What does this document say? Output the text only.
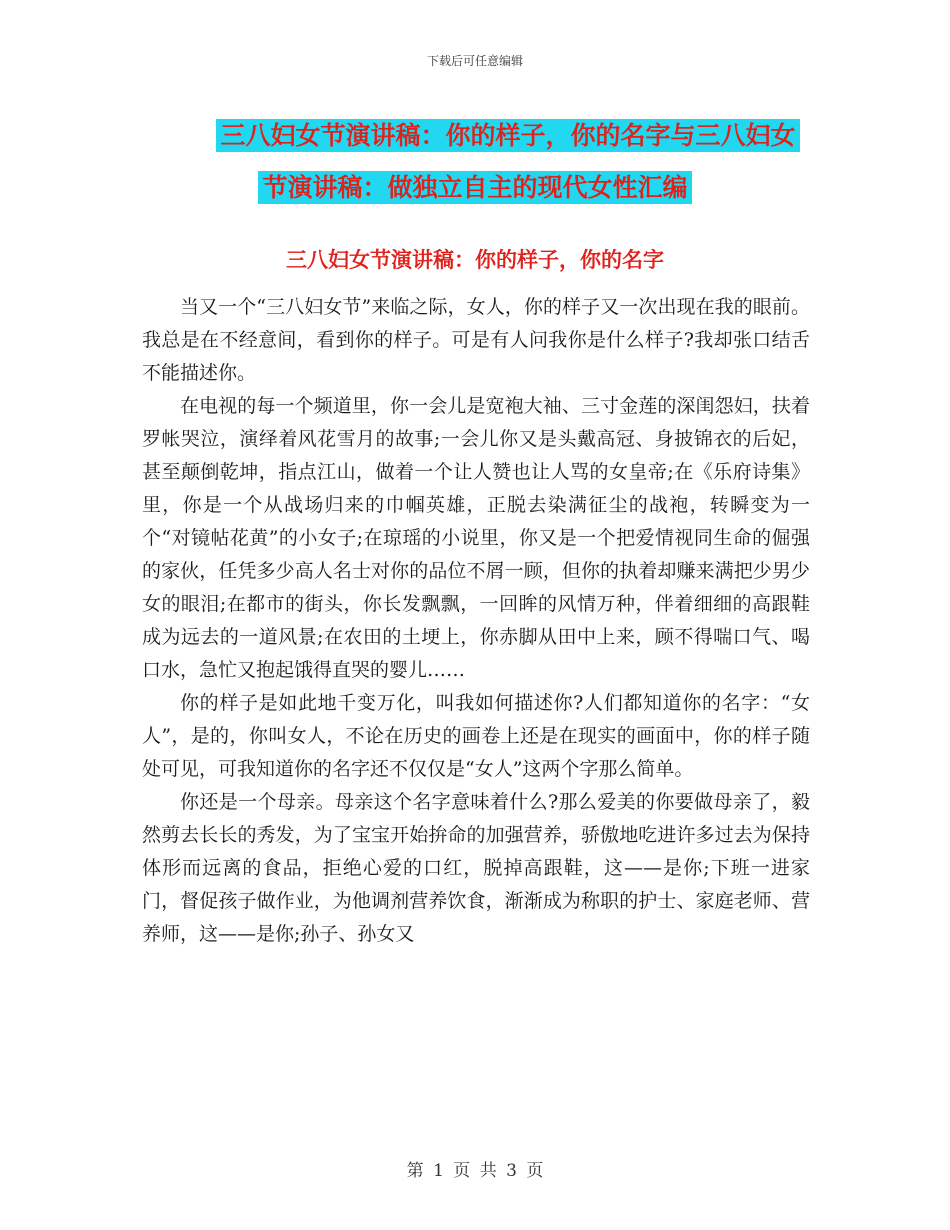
下载后可任意编辑
三八妇女节演讲稿：你的样子，你的名字与三八妇女
节演讲稿：做独立自主的现代女性汇编
三八妇女节演讲稿：你的样子，你的名字

当又一个“三八妇女节”来临之际，女人，你的样子又一次出现在我的眼前。我总是在不经意间，看到你的样子。可是有人问我你是什么样子?我却张口结舌不能描述你。

在电视的每一个频道里，你一会儿是宽袍大袖、三寸金莲的深闺怨妇，扶着罗帐哭泣，演绎着风花雪月的故事;一会儿你又是头戴高冠、身披锦衣的后妃，甚至颠倒乾坤，指点江山，做着一个让人赞也让人骂的女皇帝;在《乐府诗集》里，你是一个从战场归来的巾帼英雄，正脱去染满征尘的战袍，转瞬变为一个“对镜帖花黄”的小女子;在琼瑶的小说里，你又是一个把爱情视同生命的倔强的家伙，任凭多少高人名士对你的品位不屑一顾，但你的执着却赚来满把少男少女的眼泪;在都市的街头，你长发飘飘，一回眸的风情万种，伴着细细的高跟鞋成为远去的一道风景;在农田的土埂上，你赤脚从田中上来，顾不得喘口气、喝口水，急忙又抱起饿得直哭的婴儿……

你的样子是如此地千变万化，叫我如何描述你?人们都知道你的名字：“女人”，是的，你叫女人，不论在历史的画卷上还是在现实的画面中，你的样子随处可见，可我知道你的名字还不仅仅是“女人”这两个字那么简单。

你还是一个母亲。母亲这个名字意味着什么?那么爱美的你要做母亲了，毅然剪去长长的秀发，为了宝宝开始拚命的加强营养，骄傲地吃进许多过去为保持体形而远离的食品，拒绝心爱的口红，脱掉高跟鞋，这——是你;下班一进家门，督促孩子做作业，为他调剂营养饮食，渐渐成为称职的护士、家庭老师、营养师，这——是你;孙子、孙女又

第 1 页 共 3 页
